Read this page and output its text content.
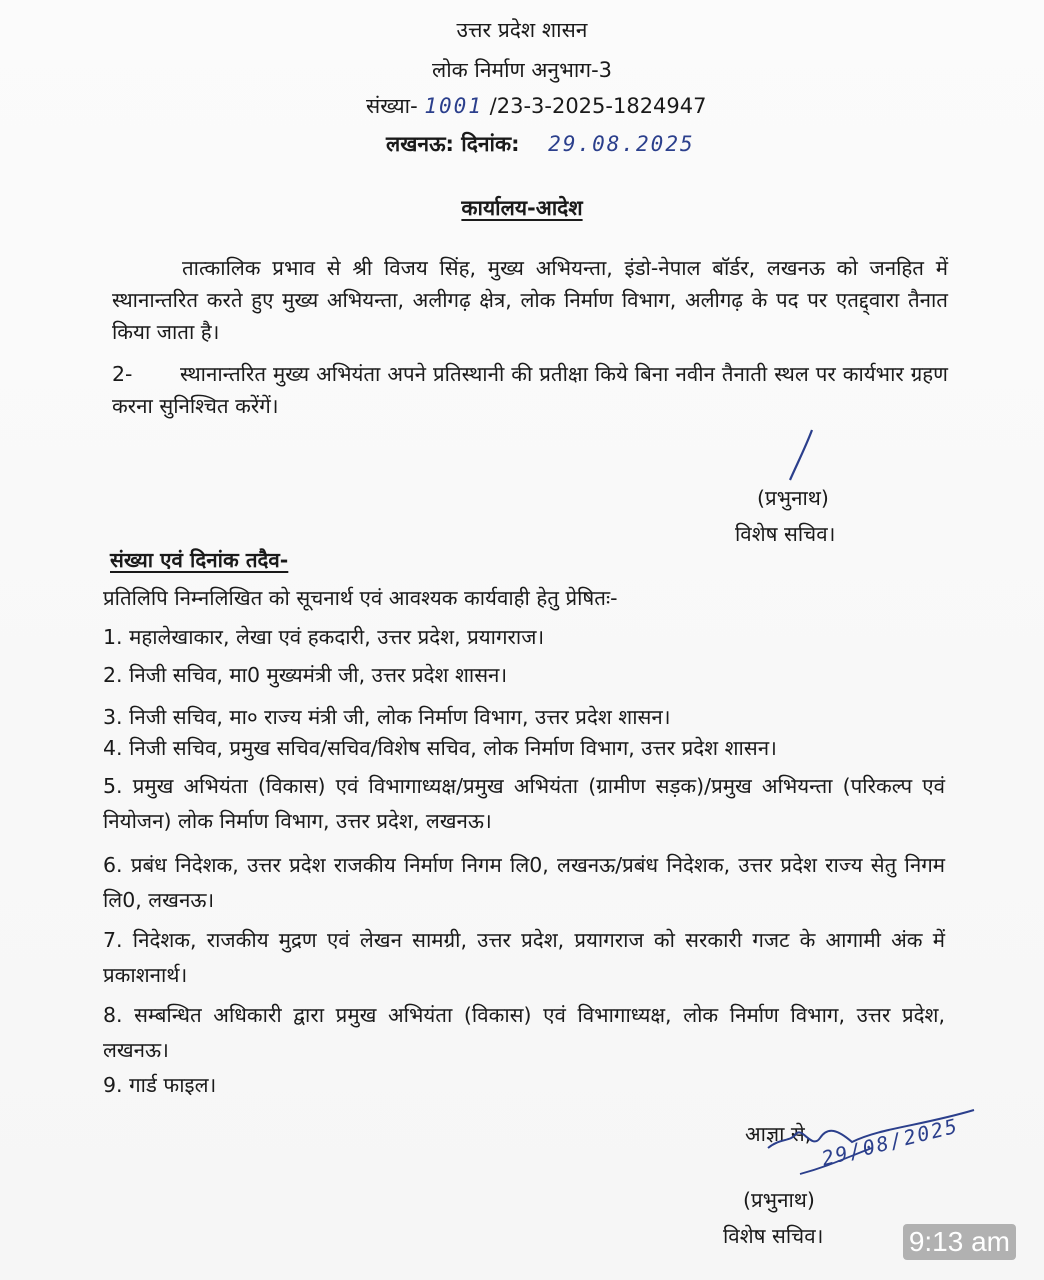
उत्तर प्रदेश शासन
लोक निर्माण अनुभाग-3
संख्या- 1001 /23-3-2025-1824947
लखनऊ: दिनांक: 29.08.2025
कार्यालय-आदेश
तात्कालिक प्रभाव से श्री विजय सिंह, मुख्य अभियन्ता, इंडो-नेपाल बॉर्डर, लखनऊ को जनहित में स्थानान्तरित करते हुए मुख्य अभियन्ता, अलीगढ़ क्षेत्र, लोक निर्माण विभाग, अलीगढ़ के पद पर एतद्द्वारा तैनात किया जाता है।
2- स्थानान्तरित मुख्य अभियंता अपने प्रतिस्थानी की प्रतीक्षा किये बिना नवीन तैनाती स्थल पर कार्यभार ग्रहण करना सुनिश्चित करेंगें।
(प्रभुनाथ)
विशेष सचिव।
संख्या एवं दिनांक तदैव-
प्रतिलिपि निम्नलिखित को सूचनार्थ एवं आवश्यक कार्यवाही हेतु प्रेषितः-
1. महालेखाकार, लेखा एवं हकदारी, उत्तर प्रदेश, प्रयागराज।
2. निजी सचिव, मा0 मुख्यमंत्री जी, उत्तर प्रदेश शासन।
3. निजी सचिव, मा० राज्य मंत्री जी, लोक निर्माण विभाग, उत्तर प्रदेश शासन।
4. निजी सचिव, प्रमुख सचिव/सचिव/विशेष सचिव, लोक निर्माण विभाग, उत्तर प्रदेश शासन।
5. प्रमुख अभियंता (विकास) एवं विभागाध्यक्ष/प्रमुख अभियंता (ग्रामीण सड़क)/प्रमुख अभियन्ता (परिकल्प एवं नियोजन) लोक निर्माण विभाग, उत्तर प्रदेश, लखनऊ।
6. प्रबंध निदेशक, उत्तर प्रदेश राजकीय निर्माण निगम लि0, लखनऊ/प्रबंध निदेशक, उत्तर प्रदेश राज्य सेतु निगम लि0, लखनऊ।
7. निदेशक, राजकीय मुद्रण एवं लेखन सामग्री, उत्तर प्रदेश, प्रयागराज को सरकारी गजट के आगामी अंक में प्रकाशनार्थ।
8. सम्बन्धित अधिकारी द्वारा प्रमुख अभियंता (विकास) एवं विभागाध्यक्ष, लोक निर्माण विभाग, उत्तर प्रदेश, लखनऊ।
9. गार्ड फाइल।
आज्ञा से, 29/08/2025
(प्रभुनाथ)
विशेष सचिव।	9:13 am
